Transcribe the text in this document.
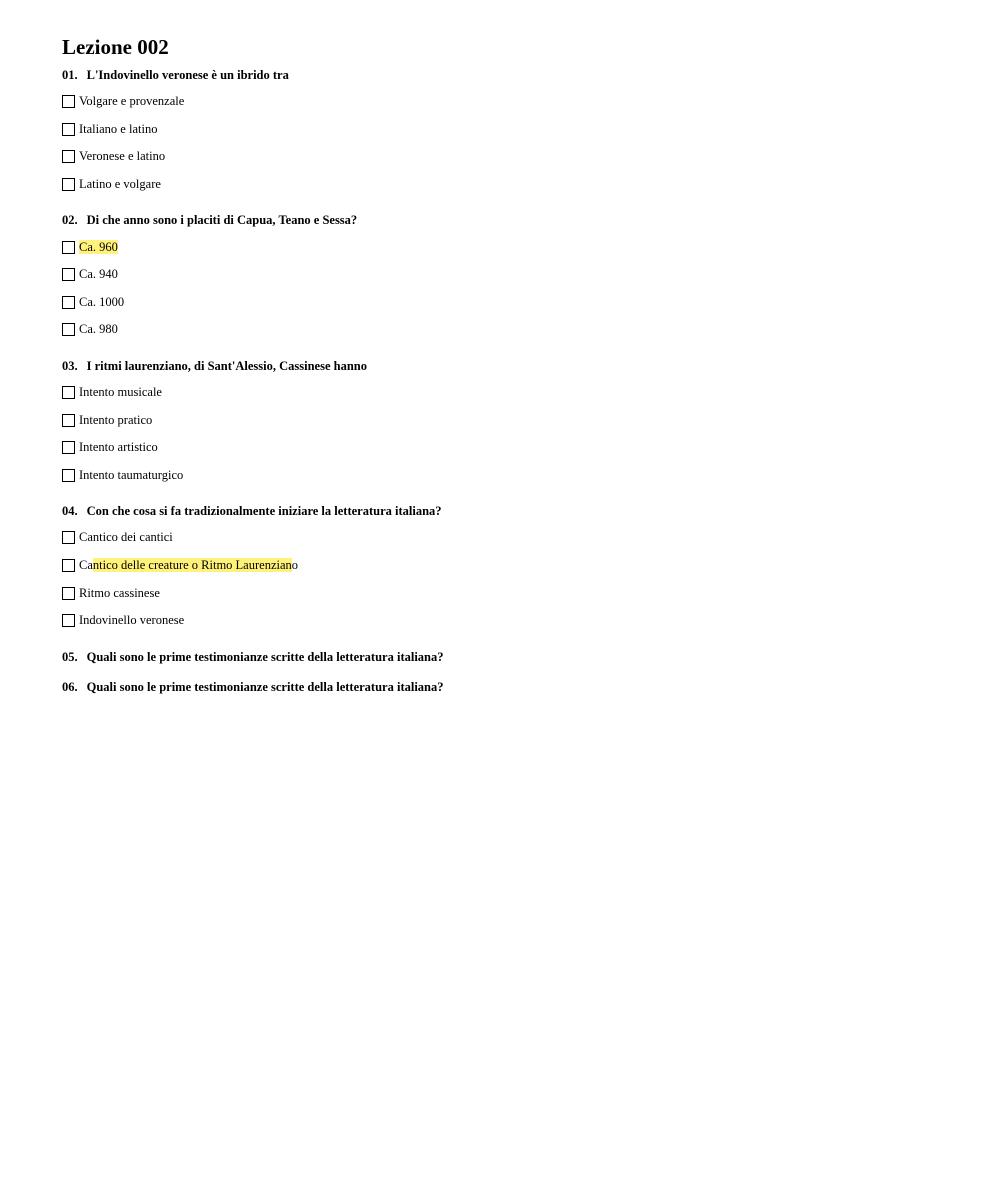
Lezione 002
01. L'Indovinello veronese è un ibrido tra
Volgare e provenzale
Italiano e latino
Veronese e latino
Latino e volgare
02. Di che anno sono i placiti di Capua, Teano e Sessa?
Ca. 960
Ca. 940
Ca. 1000
Ca. 980
03. I ritmi laurenziano, di Sant'Alessio, Cassinese hanno
Intento musicale
Intento pratico
Intento artistico
Intento taumaturgico
04. Con che cosa si fa tradizionalmente iniziare la letteratura italiana?
Cantico dei cantici
Cantico delle creature o Ritmo Laurenziano
Ritmo cassinese
Indovinello veronese
05. Quali sono le prime testimonianze scritte della letteratura italiana?
06. Quali sono le prime testimonianze scritte della letteratura italiana?
